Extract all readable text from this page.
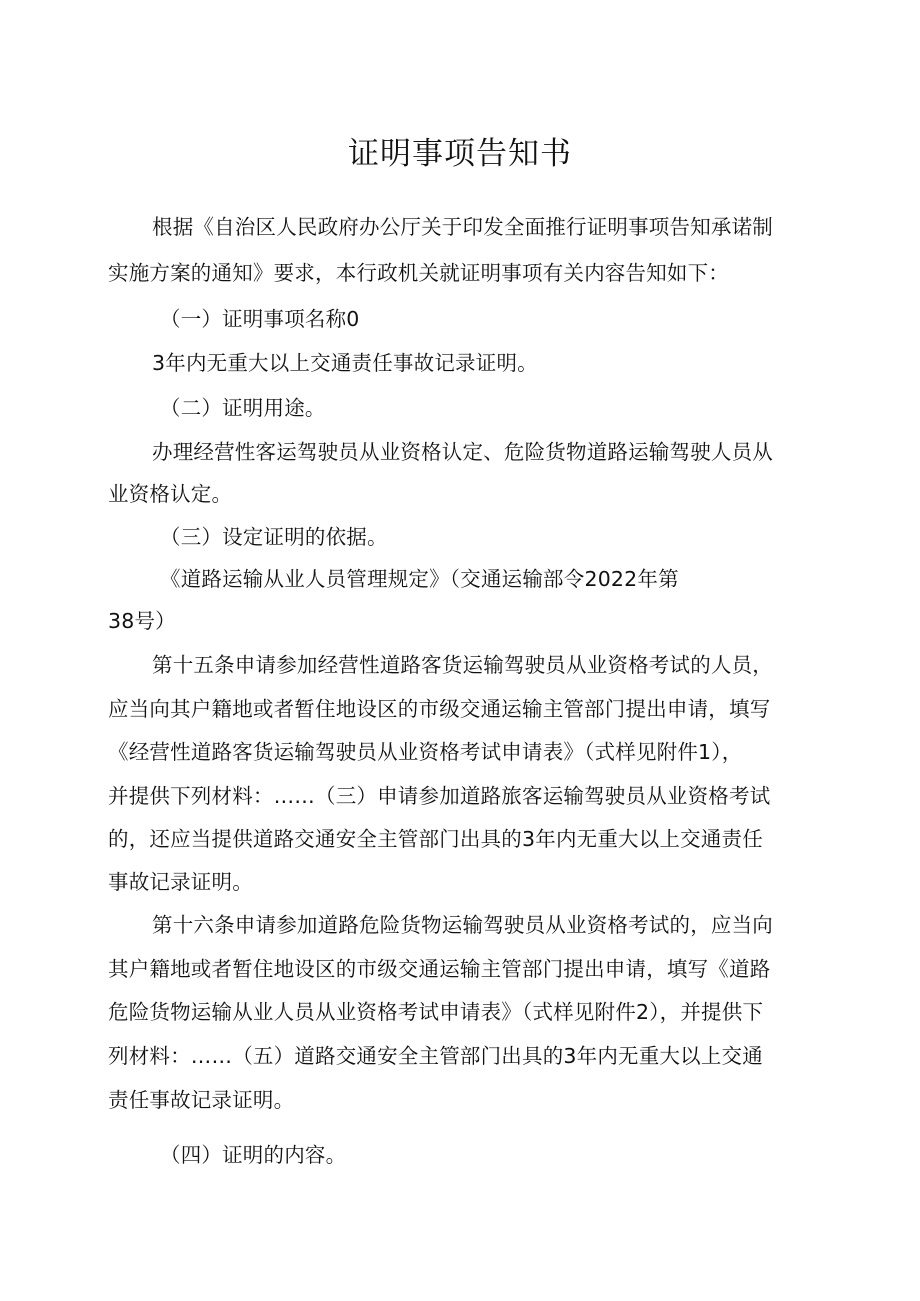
证明事项告知书
根据《自治区人民政府办公厅关于印发全面推行证明事项告知承诺制
实施方案的通知》要求，本行政机关就证明事项有关内容告知如下：
（一）证明事项名称0
3年内无重大以上交通责任事故记录证明。
（二）证明用途。
办理经营性客运驾驶员从业资格认定、危险货物道路运输驾驶人员从
业资格认定。
（三）设定证明的依据。
《道路运输从业人员管理规定》（交通运输部令2022年第
38号）
第十五条申请参加经营性道路客货运输驾驶员从业资格考试的人员，
应当向其户籍地或者暂住地设区的市级交通运输主管部门提出申请，填写
《经营性道路客货运输驾驶员从业资格考试申请表》（式样见附件1），
并提供下列材料：……（三）申请参加道路旅客运输驾驶员从业资格考试
的，还应当提供道路交通安全主管部门出具的3年内无重大以上交通责任
事故记录证明。
第十六条申请参加道路危险货物运输驾驶员从业资格考试的，应当向
其户籍地或者暂住地设区的市级交通运输主管部门提出申请，填写《道路
危险货物运输从业人员从业资格考试申请表》（式样见附件2），并提供下
列材料：……（五）道路交通安全主管部门出具的3年内无重大以上交通
责任事故记录证明。
（四）证明的内容。
